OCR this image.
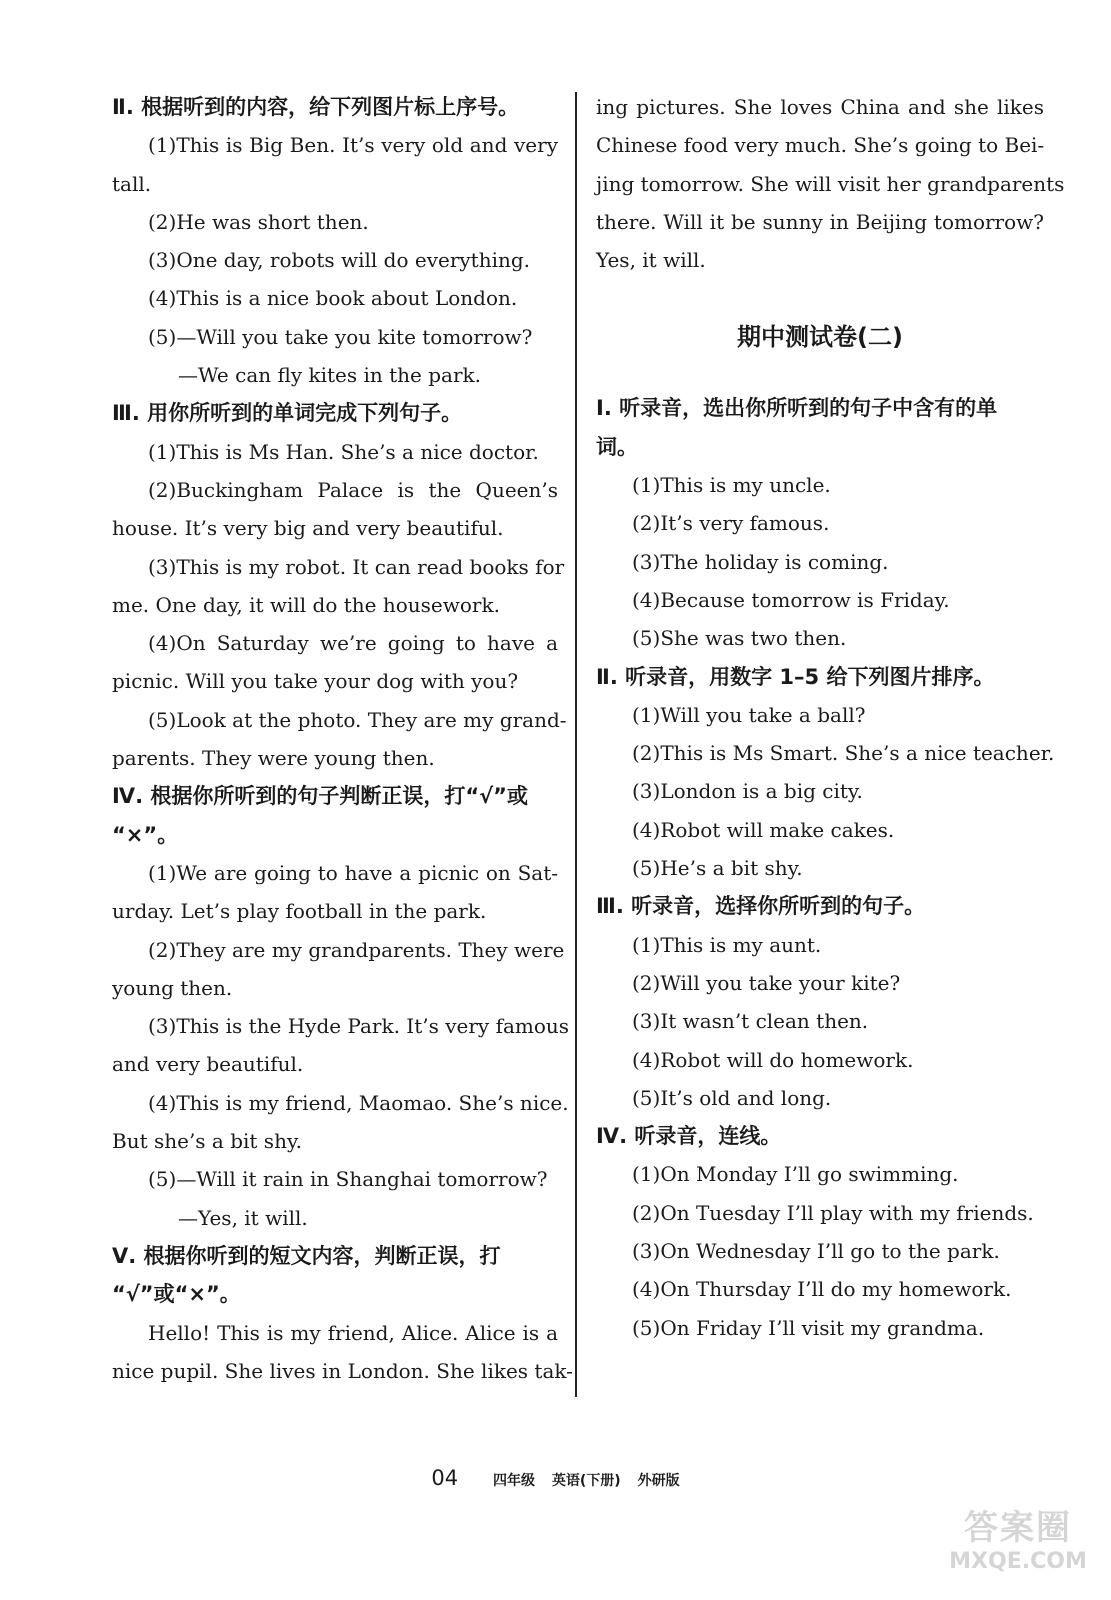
Ⅱ. 根据听到的内容，给下列图片标上序号。
(1)This is Big Ben. It’s very old and very
tall.
(2)He was short then.
(3)One day, robots will do everything.
(4)This is a nice book about London.
(5)—Will you take you kite tomorrow?
—We can fly kites in the park.
Ⅲ. 用你所听到的单词完成下列句子。
(1)This is Ms Han. She’s a nice doctor.
(2)Buckingham Palace is the Queen’s
house. It’s very big and very beautiful.
(3)This is my robot. It can read books for
me. One day, it will do the housework.
(4)On Saturday we’re going to have a
picnic. Will you take your dog with you?
(5)Look at the photo. They are my grand-
parents. They were young then.
Ⅳ. 根据你所听到的句子判断正误，打“√”或
“×”。
(1)We are going to have a picnic on Sat-
urday. Let’s play football in the park.
(2)They are my grandparents. They were
young then.
(3)This is the Hyde Park. It’s very famous
and very beautiful.
(4)This is my friend, Maomao. She’s nice.
But she’s a bit shy.
(5)—Will it rain in Shanghai tomorrow?
—Yes, it will.
Ⅴ. 根据你听到的短文内容，判断正误，打
“√”或“×”。
Hello! This is my friend, Alice. Alice is a
nice pupil. She lives in London. She likes tak-
ing pictures. She loves China and she likes
Chinese food very much. She’s going to Bei-
jing tomorrow. She will visit her grandparents
there. Will it be sunny in Beijing tomorrow?
Yes, it will.
期中测试卷(二)
Ⅰ. 听录音，选出你所听到的句子中含有的单
词。
(1)This is my uncle.
(2)It’s very famous.
(3)The holiday is coming.
(4)Because tomorrow is Friday.
(5)She was two then.
Ⅱ. 听录音，用数字 1–5 给下列图片排序。
(1)Will you take a ball?
(2)This is Ms Smart. She’s a nice teacher.
(3)London is a big city.
(4)Robot will make cakes.
(5)He’s a bit shy.
Ⅲ. 听录音，选择你所听到的句子。
(1)This is my aunt.
(2)Will you take your kite?
(3)It wasn’t clean then.
(4)Robot will do homework.
(5)It’s old and long.
Ⅳ. 听录音，连线。
(1)On Monday I’ll go swimming.
(2)On Tuesday I’ll play with my friends.
(3)On Wednesday I’ll go to the park.
(4)On Thursday I’ll do my homework.
(5)On Friday I’ll visit my grandma.
04 四年级 英语(下册) 外研版
答案圈
MXQE.COM
